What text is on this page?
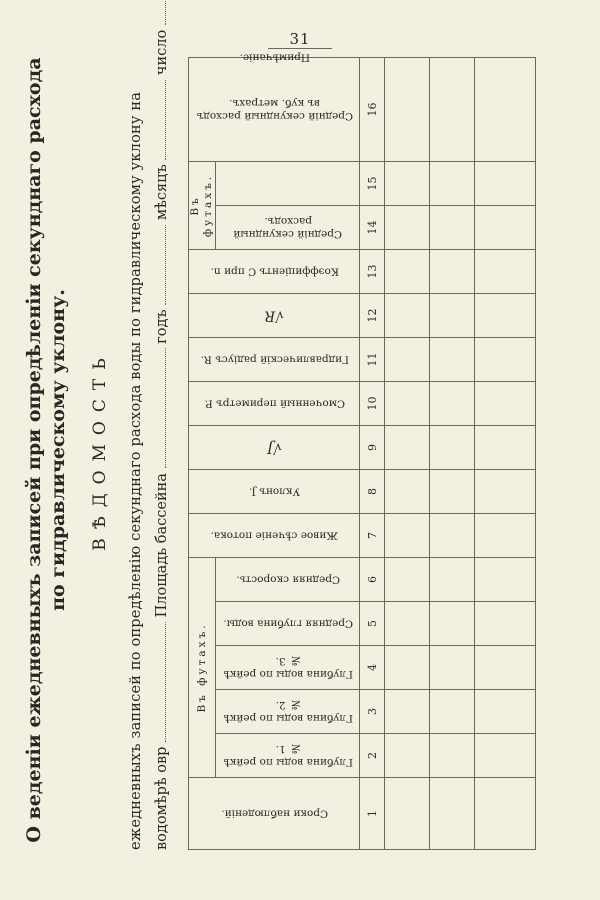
31
О веденіи ежедневныхъ записей при опредѣленіи секунднаго расхода по гидравлическому уклону. ВѢДОМОСТЬ ежедневныхъ записей по опредѣленію секунднаго расхода воды по гидравлическому уклону на водомѣрѣ овр  Площадь бассейна  годъ  мѣсяцъ  число
Сроки наблюденій.	Въ футахъ.					Живое сѣченіе потока.	Уклонъ J.	√J	Смоченный периметръ P.	Гидравлическій радіусъ R.	√R	Коэффиціентъ C при n.	Въ футахъ.		Средній секундный расходъ въ куб. метрахъ.	Примѣчаніе.
	Глубина воды по рейкѣ № 1.	Глубина воды по рейкѣ № 2.	Глубина воды по рейкѣ № 3.	Средняя глубина воды.	Средняя скорость.								Средній секундный расходъ.			
1	2	3	4	5	6	7	8	9	10	11	12	13	14	15	16	
